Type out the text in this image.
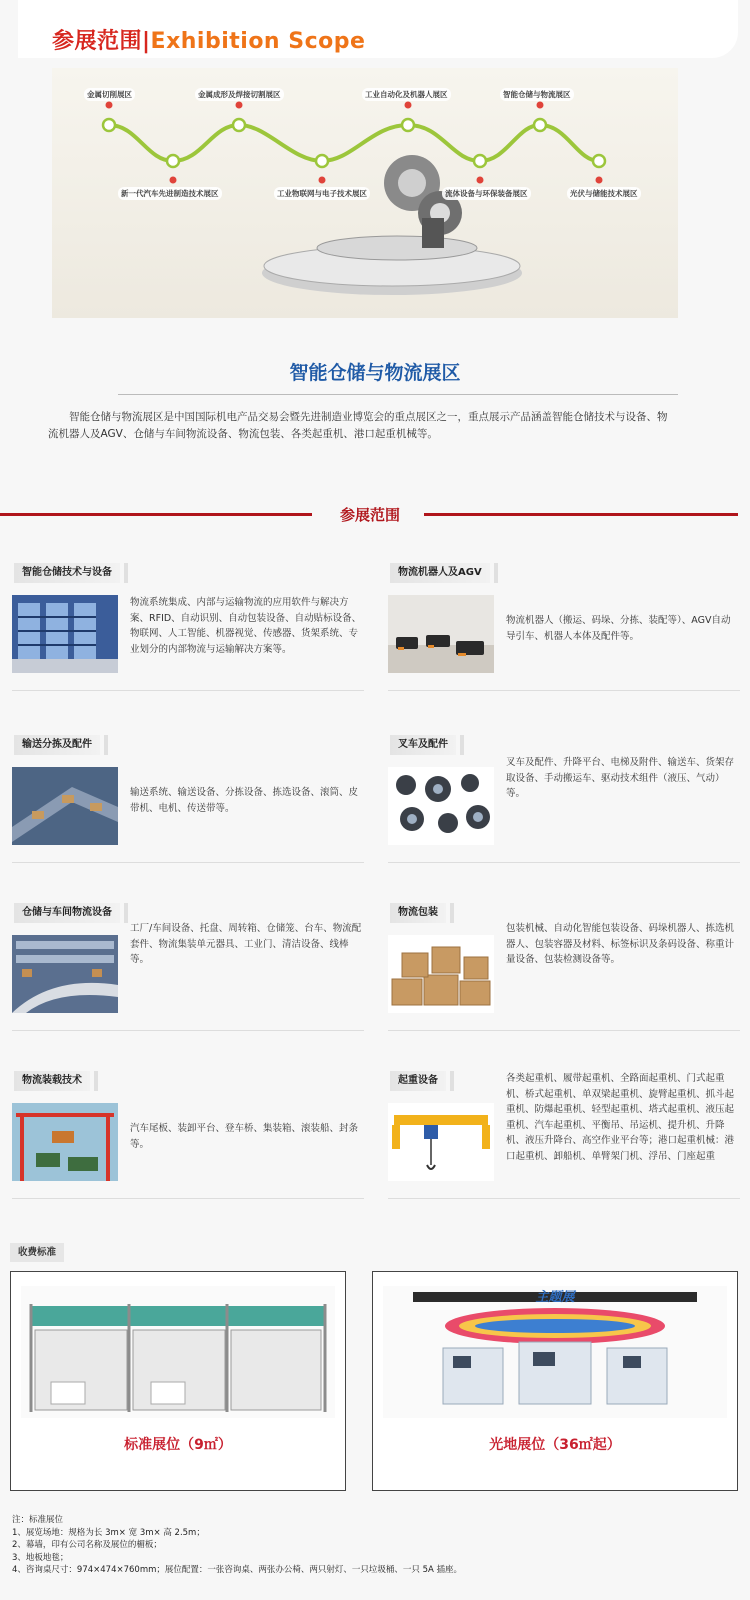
参展范围|Exhibition Scope
金属切削展区	金属成形及焊接切割展区	工业自动化及机器人展区	智能仓储与物流展区
新一代汽车先进制造技术展区	工业物联网与电子技术展区	流体设备与环保装备展区	光伏与储能技术展区
智能仓储与物流展区
智能仓储与物流展区是中国国际机电产品交易会暨先进制造业博览会的重点展区之一，重点展示产品涵盖智能仓储技术与设备、物流机器人及AGV、仓储与车间物流设备、物流包装、各类起重机、港口起重机械等。
参展范围
智能仓储技术与设备
物流系统集成、内部与运输物流的应用软件与解决方案、RFID、自动识别、自动包装设备、自动贴标设备、物联网、人工智能、机器视觉、传感器、货架系统、专业划分的内部物流与运输解决方案等。
物流机器人及AGV
物流机器人（搬运、码垛、分拣、装配等）、AGV自动导引车、机器人本体及配件等。
输送分拣及配件
输送系统、输送设备、分拣设备、拣选设备、滚筒、皮带机、电机、传送带等。
叉车及配件
叉车及配件、升降平台、电梯及附件、输送车、货架存取设备、手动搬运车、驱动技术组件（液压、气动）等。
仓储与车间物流设备
工厂/车间设备、托盘、周转箱、仓储笼、台车、物流配套件、物流集装单元器具、工业门、清洁设备、线棒等。
物流包装
包装机械、自动化智能包装设备、码垛机器人、拣选机器人、包装容器及材料、标签标识及条码设备、称重计量设备、包装检测设备等。
物流装载技术
汽车尾板、装卸平台、登车桥、集装箱、滚装船、封条等。
起重设备	各类起重机、履带起重机、全路面起重机、门式起重机、桥式起重机、单双梁起重机、旋臂起重机、抓斗起重机、防爆起重机、轻型起重机、塔式起重机、液压起重机、汽车起重机、平衡吊、吊运机、提升机、升降机、液压升降台、高空作业平台等；港口起重机械：港口起重机、卸船机、单臂架门机、浮吊、门座起重
收费标准
标准展位（9㎡）
主题展
光地展位（36㎡起）
注：标准展位
1、展览场地：规格为长 3m× 宽 3m× 高 2.5m；
2、幕墙，印有公司名称及展位的楣板；
3、地板地毯；
4、咨询桌尺寸：974×474×760mm；展位配置：一张咨询桌、两张办公椅、两只射灯、一只垃圾桶、一只 5A 插座。
